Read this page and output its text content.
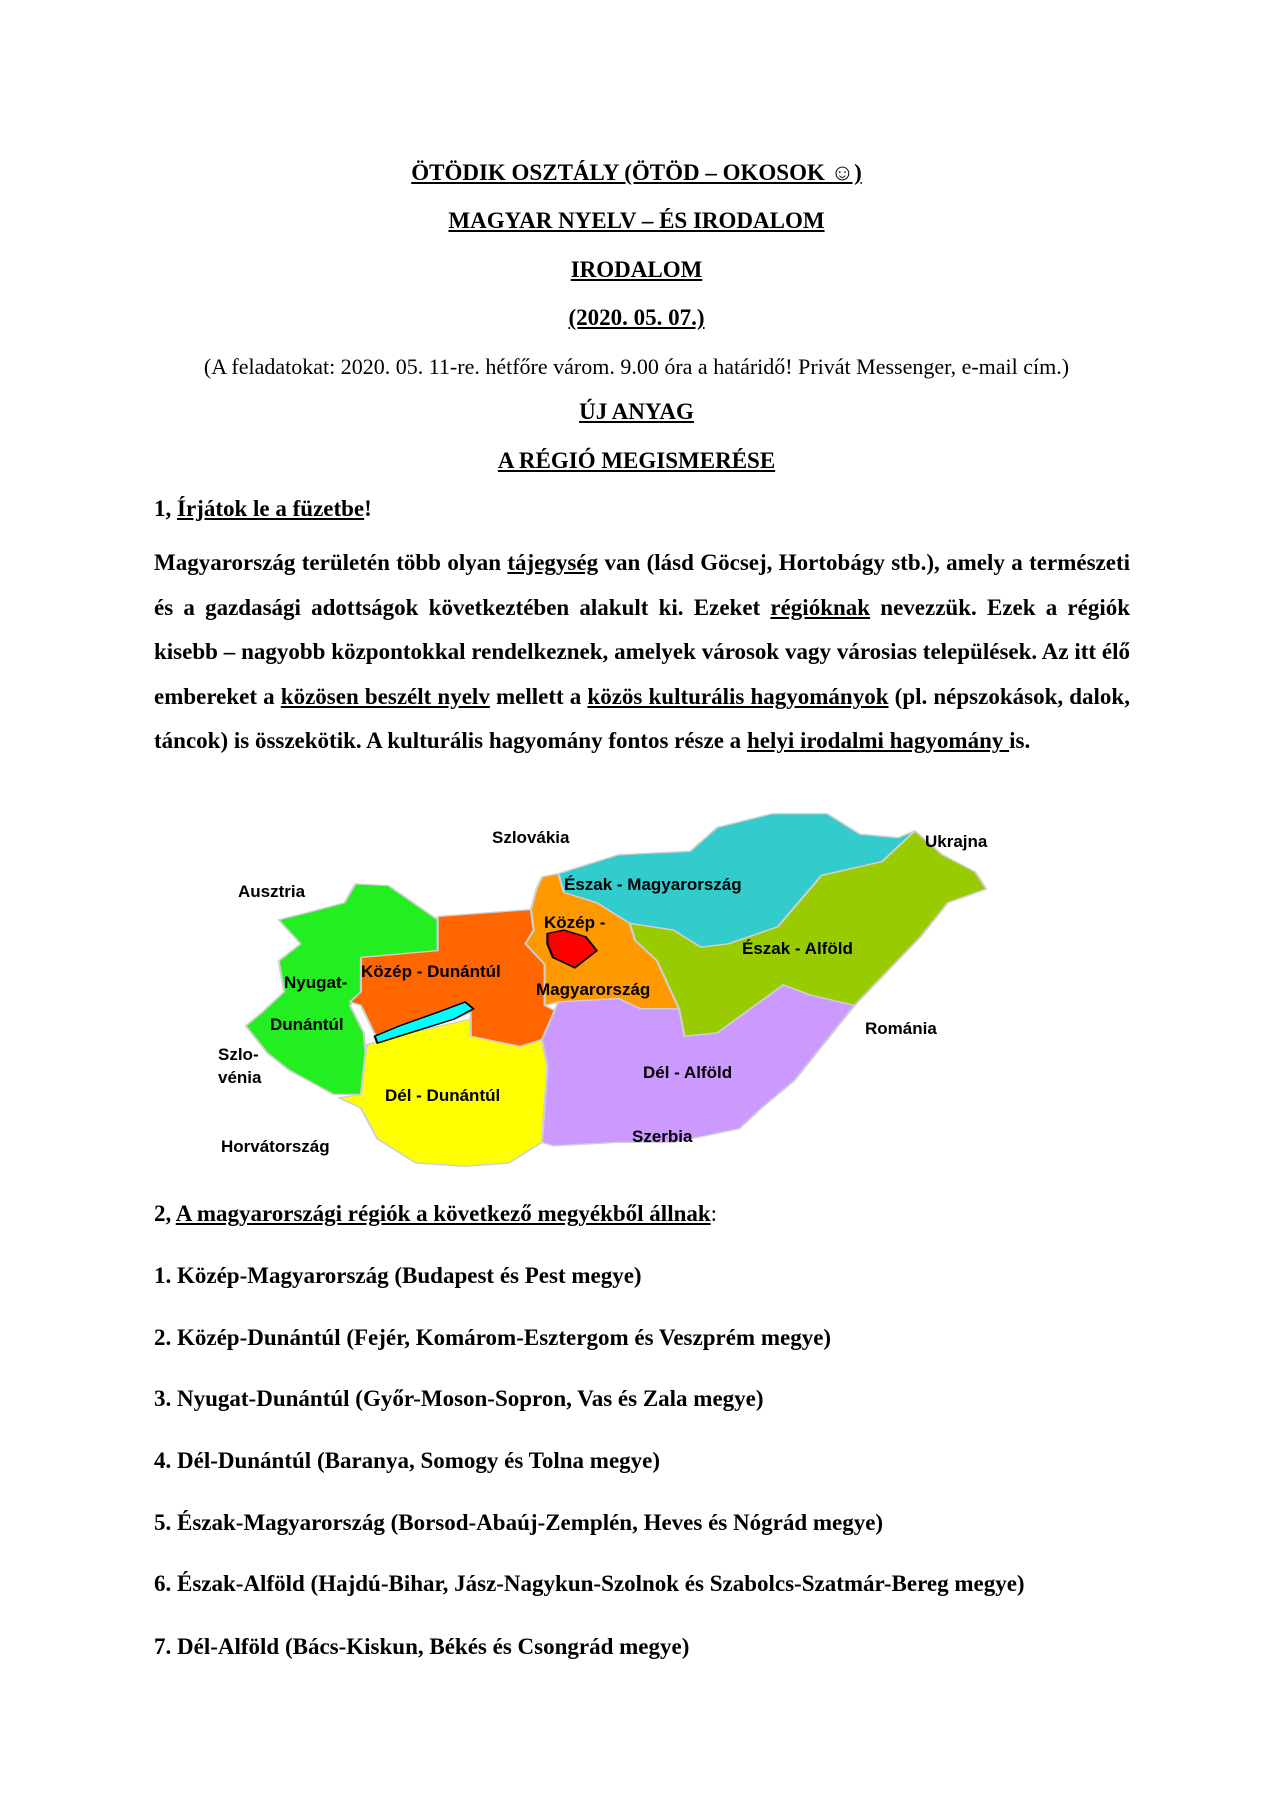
ÖTÖDIK OSZTÁLY (ÖTÖD – OKOSOK ☺)
MAGYAR NYELV – ÉS IRODALOM
IRODALOM
(2020. 05. 07.)
(A feladatokat: 2020. 05. 11-re. hétfőre várom. 9.00 óra a határidő! Privát Messenger, e-mail cím.)
ÚJ ANYAG
A RÉGIÓ MEGISMERÉSE
1, Írjátok le a füzetbe!
Magyarország területén több olyan tájegység van (lásd Göcsej, Hortobágy stb.), amely a természeti és a gazdasági adottságok következtében alakult ki. Ezeket régióknak nevezzük. Ezek a régiók kisebb – nagyobb központokkal rendelkeznek, amelyek városok vagy városias települések. Az itt élő embereket a közösen beszélt nyelv mellett a közös kulturális hagyományok (pl. népszokások, dalok, táncok) is összekötik. A kulturális hagyomány fontos része a helyi irodalmi hagyomány is.
Szlovákia	Ukrajna
Ausztria	Észak - Magyarország
Közép -
Észak - Alföld
Közép - Dunántúl
Nyugat-	Magyarország
Dunántúl	Románia
Szlo-
vénia	Dél - Alföld
Dél - Dunántúl
Szerbia
Horvátország
2, A magyarországi régiók a következő megyékből állnak:
1. Közép-Magyarország (Budapest és Pest megye)
2. Közép-Dunántúl (Fejér, Komárom-Esztergom és Veszprém megye)
3. Nyugat-Dunántúl (Győr-Moson-Sopron, Vas és Zala megye)
4. Dél-Dunántúl (Baranya, Somogy és Tolna megye)
5. Észak-Magyarország (Borsod-Abaúj-Zemplén, Heves és Nógrád megye)
6. Észak-Alföld (Hajdú-Bihar, Jász-Nagykun-Szolnok és Szabolcs-Szatmár-Bereg megye)
7. Dél-Alföld (Bács-Kiskun, Békés és Csongrád megye)
